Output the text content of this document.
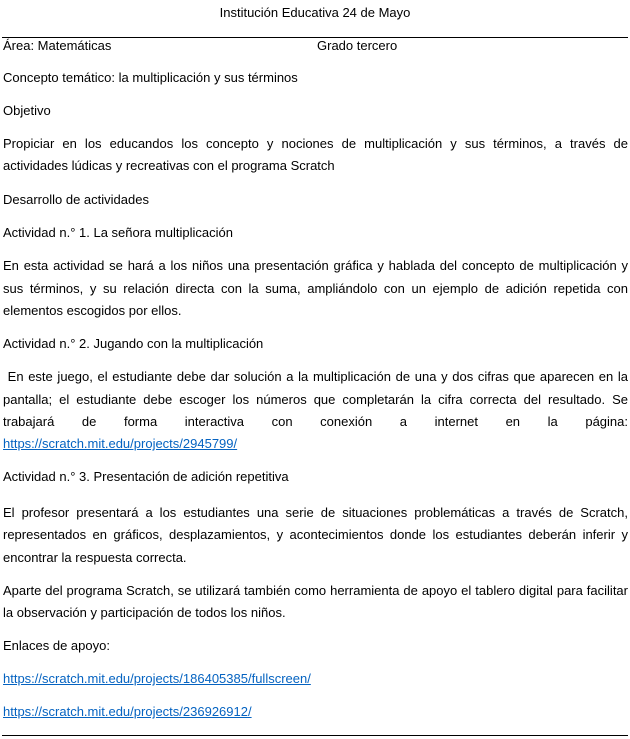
Institución Educativa 24 de Mayo
Área: Matemáticas	Grado tercero
Concepto temático: la multiplicación y sus términos
Objetivo
Propiciar en los educandos los concepto y nociones de multiplicación y sus términos, a través de
actividades lúdicas y recreativas con el programa Scratch
Desarrollo de actividades
Actividad n.° 1. La señora multiplicación
En esta actividad se hará a los niños una presentación gráfica y hablada del concepto de multiplicación y
sus términos, y su relación directa con la suma, ampliándolo con un ejemplo de adición repetida con
elementos escogidos por ellos.
Actividad n.° 2. Jugando con la multiplicación
En este juego, el estudiante debe dar solución a la multiplicación de una y dos cifras que aparecen en la
pantalla; el estudiante debe escoger los números que completarán la cifra correcta del resultado. Se
trabajará de forma interactiva con conexión a internet en la página:
https://scratch.mit.edu/projects/2945799/
Actividad n.° 3. Presentación de adición repetitiva
El profesor presentará a los estudiantes una serie de situaciones problemáticas a través de Scratch,
representados en gráficos, desplazamientos, y acontecimientos donde los estudiantes deberán inferir y
encontrar la respuesta correcta.
Aparte del programa Scratch, se utilizará también como herramienta de apoyo el tablero digital para facilitar
la observación y participación de todos los niños.
Enlaces de apoyo:
https://scratch.mit.edu/projects/186405385/fullscreen/
https://scratch.mit.edu/projects/236926912/
